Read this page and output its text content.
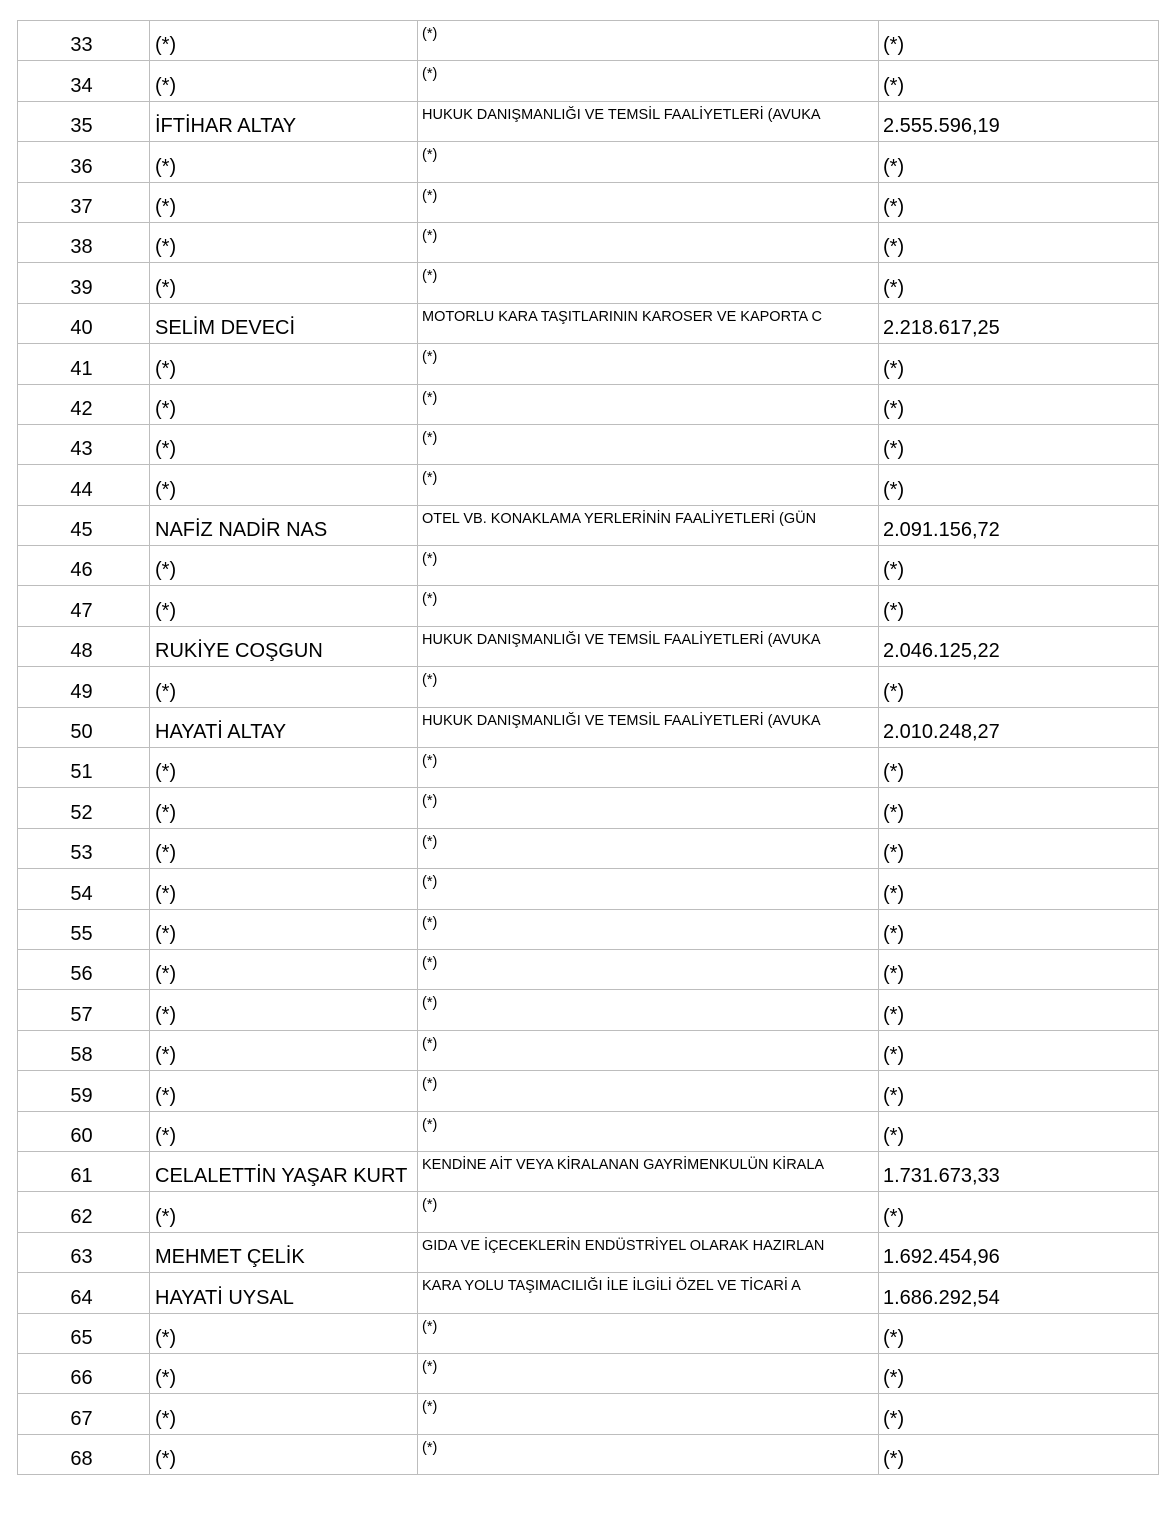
33	(*)	(*)	(*)
34	(*)	(*)	(*)
35	İFTİHAR ALTAY	HUKUK DANIŞMANLIĞI VE TEMSİL FAALİYETLERİ (AVUKA	2.555.596,19
36	(*)	(*)	(*)
37	(*)	(*)	(*)
38	(*)	(*)	(*)
39	(*)	(*)	(*)
40	SELİM DEVECİ	MOTORLU KARA TAŞITLARININ KAROSER VE KAPORTA C	2.218.617,25
41	(*)	(*)	(*)
42	(*)	(*)	(*)
43	(*)	(*)	(*)
44	(*)	(*)	(*)
45	NAFİZ NADİR NAS	OTEL VB. KONAKLAMA YERLERİNİN FAALİYETLERİ (GÜN	2.091.156,72
46	(*)	(*)	(*)
47	(*)	(*)	(*)
48	RUKİYE COŞGUN	HUKUK DANIŞMANLIĞI VE TEMSİL FAALİYETLERİ (AVUKA	2.046.125,22
49	(*)	(*)	(*)
50	HAYATİ ALTAY	HUKUK DANIŞMANLIĞI VE TEMSİL FAALİYETLERİ (AVUKA	2.010.248,27
51	(*)	(*)	(*)
52	(*)	(*)	(*)
53	(*)	(*)	(*)
54	(*)	(*)	(*)
55	(*)	(*)	(*)
56	(*)	(*)	(*)
57	(*)	(*)	(*)
58	(*)	(*)	(*)
59	(*)	(*)	(*)
60	(*)	(*)	(*)
61	CELALETTİN YAŞAR KURT	KENDİNE AİT VEYA KİRALANAN GAYRİMENKULÜN KİRALA	1.731.673,33
62	(*)	(*)	(*)
63	MEHMET ÇELİK	GIDA VE İÇECEKLERİN ENDÜSTRİYEL OLARAK HAZIRLAN	1.692.454,96
64	HAYATİ UYSAL	KARA YOLU TAŞIMACILIĞI İLE İLGİLİ ÖZEL VE TİCARİ A	1.686.292,54
65	(*)	(*)	(*)
66	(*)	(*)	(*)
67	(*)	(*)	(*)
68	(*)	(*)	(*)
